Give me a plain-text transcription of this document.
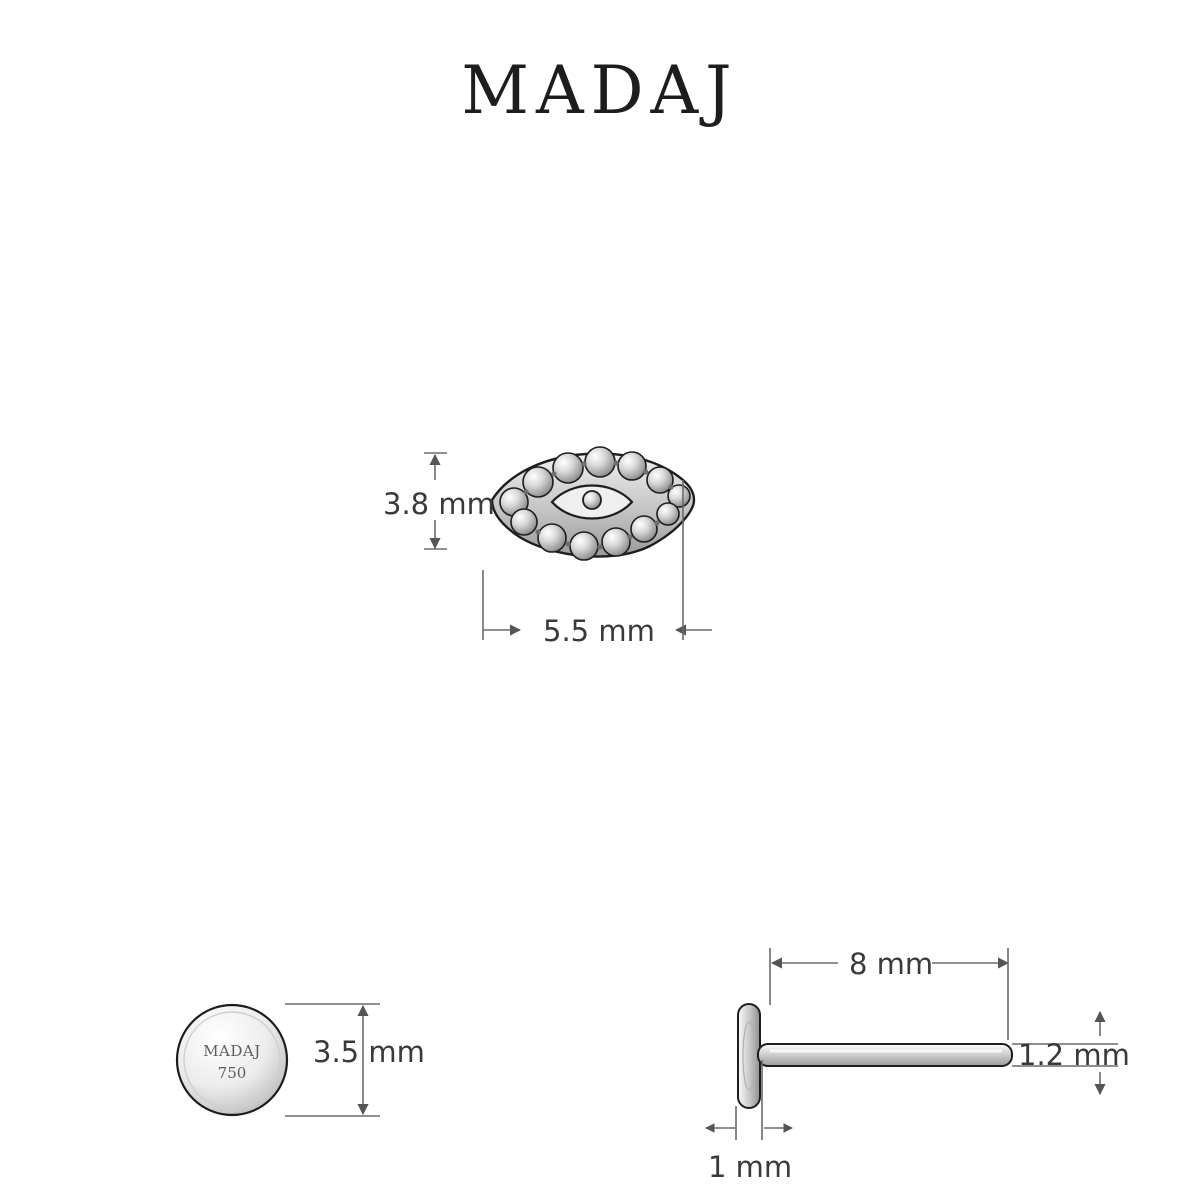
MADAJ
MADAJ
750
3.8 mm
5.5 mm
3.5 mm
8 mm
1.2 mm
1 mm
